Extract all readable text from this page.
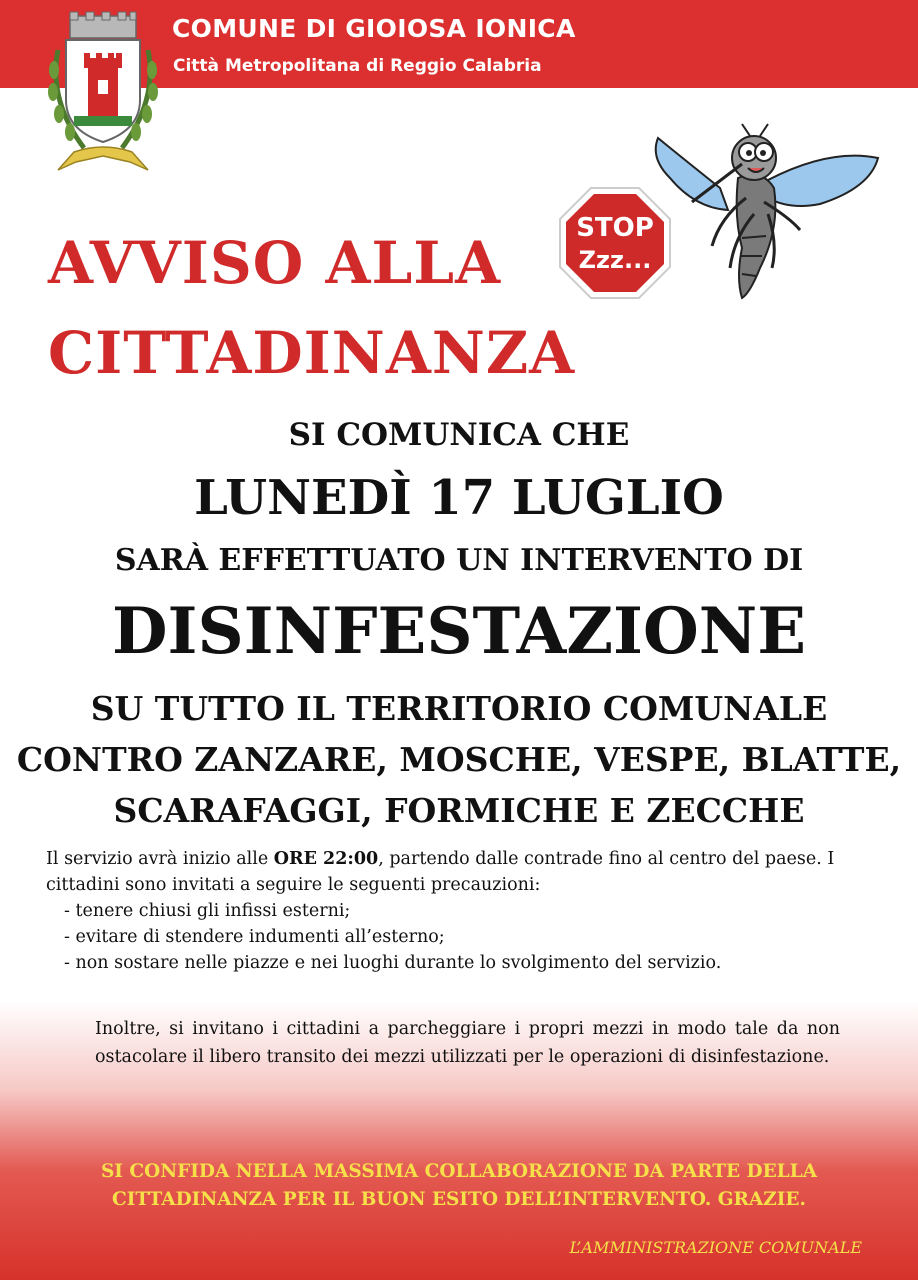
COMUNE DI GIOIOSA IONICA
Città Metropolitana di Reggio Calabria
AVVISO ALLA
CITTADINANZA
STOP
Zzz...
SI COMUNICA CHE
LUNEDÌ 17 LUGLIO
SARÀ EFFETTUATO UN INTERVENTO DI
DISINFESTAZIONE
SU TUTTO IL TERRITORIO COMUNALE
CONTRO ZANZARE, MOSCHE, VESPE, BLATTE,
SCARAFAGGI, FORMICHE E ZECCHE
Il servizio avrà inizio alle ORE 22:00, partendo dalle contrade fino al centro del paese. I cittadini sono invitati a seguire le seguenti precauzioni:
- tenere chiusi gli infissi esterni;
- evitare di stendere indumenti all’esterno;
- non sostare nelle piazze e nei luoghi durante lo svolgimento del servizio.

Inoltre, si invitano i cittadini a parcheggiare i propri mezzi in modo tale da non ostacolare il libero transito dei mezzi utilizzati per le operazioni di disinfestazione.

SI CONFIDA NELLA MASSIMA COLLABORAZIONE DA PARTE DELLA
CITTADINANZA PER IL BUON ESITO DELL’INTERVENTO. GRAZIE.

L’AMMINISTRAZIONE COMUNALE
